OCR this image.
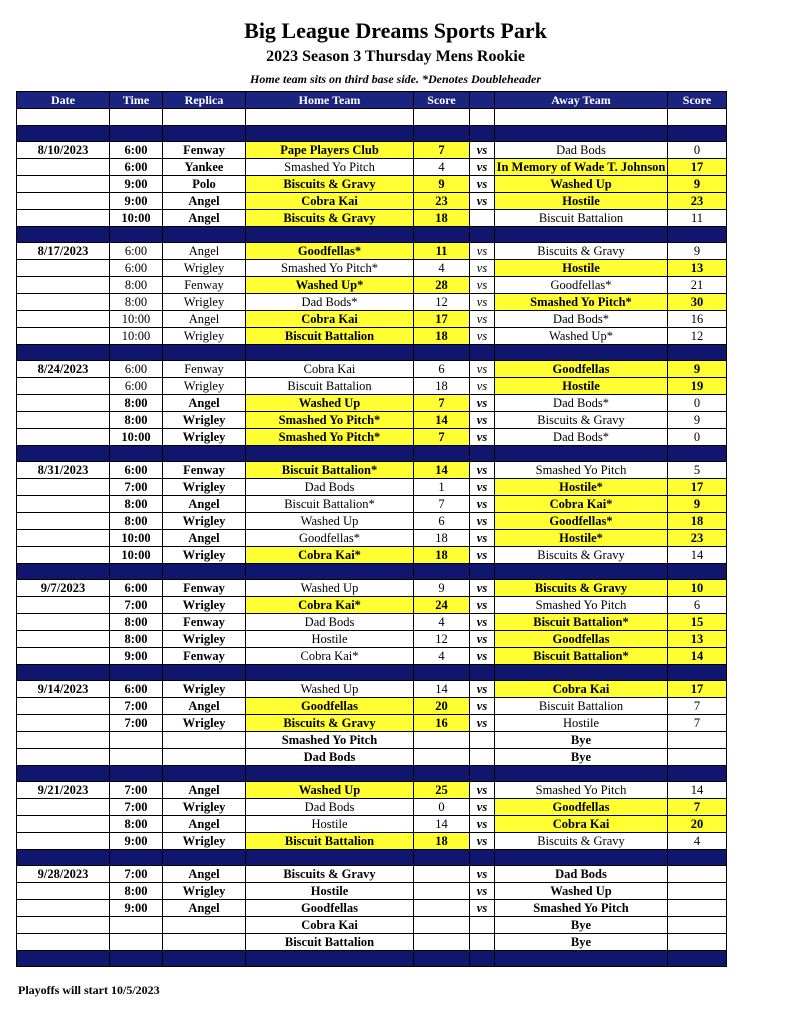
Big League Dreams Sports Park
2023 Season 3 Thursday Mens Rookie
Home team sits on third base side. *Denotes Doubleheader
Date	Time	Replica	Home Team	Score		Away Team	Score

8/10/2023	6:00	Fenway	Pape Players Club	7	vs	Dad Bods	0
	6:00	Yankee	Smashed Yo Pitch	4	vs	In Memory of Wade T. Johnson	17
	9:00	Polo	Biscuits & Gravy	9	vs	Washed Up	9
	9:00	Angel	Cobra Kai	23	vs	Hostile	23
	10:00	Angel	Biscuits & Gravy	18		Biscuit Battalion	11

8/17/2023	6:00	Angel	Goodfellas*	11	vs	Biscuits & Gravy	9
	6:00	Wrigley	Smashed Yo Pitch*	4	vs	Hostile	13
	8:00	Fenway	Washed Up*	28	vs	Goodfellas*	21
	8:00	Wrigley	Dad Bods*	12	vs	Smashed Yo Pitch*	30
	10:00	Angel	Cobra Kai	17	vs	Dad Bods*	16
	10:00	Wrigley	Biscuit Battalion	18	vs	Washed Up*	12

8/24/2023	6:00	Fenway	Cobra Kai	6	vs	Goodfellas	9
	6:00	Wrigley	Biscuit Battalion	18	vs	Hostile	19
	8:00	Angel	Washed Up	7	vs	Dad Bods*	0
	8:00	Wrigley	Smashed Yo Pitch*	14	vs	Biscuits & Gravy	9
	10:00	Wrigley	Smashed Yo Pitch*	7	vs	Dad Bods*	0

8/31/2023	6:00	Fenway	Biscuit Battalion*	14	vs	Smashed Yo Pitch	5
	7:00	Wrigley	Dad Bods	1	vs	Hostile*	17
	8:00	Angel	Biscuit Battalion*	7	vs	Cobra Kai*	9
	8:00	Wrigley	Washed Up	6	vs	Goodfellas*	18
	10:00	Angel	Goodfellas*	18	vs	Hostile*	23
	10:00	Wrigley	Cobra Kai*	18	vs	Biscuits & Gravy	14

9/7/2023	6:00	Fenway	Washed Up	9	vs	Biscuits & Gravy	10
	7:00	Wrigley	Cobra Kai*	24	vs	Smashed Yo Pitch	6
	8:00	Fenway	Dad Bods	4	vs	Biscuit Battalion*	15
	8:00	Wrigley	Hostile	12	vs	Goodfellas	13
	9:00	Fenway	Cobra Kai*	4	vs	Biscuit Battalion*	14

9/14/2023	6:00	Wrigley	Washed Up	14	vs	Cobra Kai	17
	7:00	Angel	Goodfellas	20	vs	Biscuit Battalion	7
	7:00	Wrigley	Biscuits & Gravy	16	vs	Hostile	7
			Smashed Yo Pitch			Bye	
			Dad Bods			Bye	

9/21/2023	7:00	Angel	Washed Up	25	vs	Smashed Yo Pitch	14
	7:00	Wrigley	Dad Bods	0	vs	Goodfellas	7
	8:00	Angel	Hostile	14	vs	Cobra Kai	20
	9:00	Wrigley	Biscuit Battalion	18	vs	Biscuits & Gravy	4

9/28/2023	7:00	Angel	Biscuits & Gravy		vs	Dad Bods	
	8:00	Wrigley	Hostile		vs	Washed Up	
	9:00	Angel	Goodfellas		vs	Smashed Yo Pitch	
			Cobra Kai			Bye	
			Biscuit Battalion			Bye	

Playoffs will start 10/5/2023
